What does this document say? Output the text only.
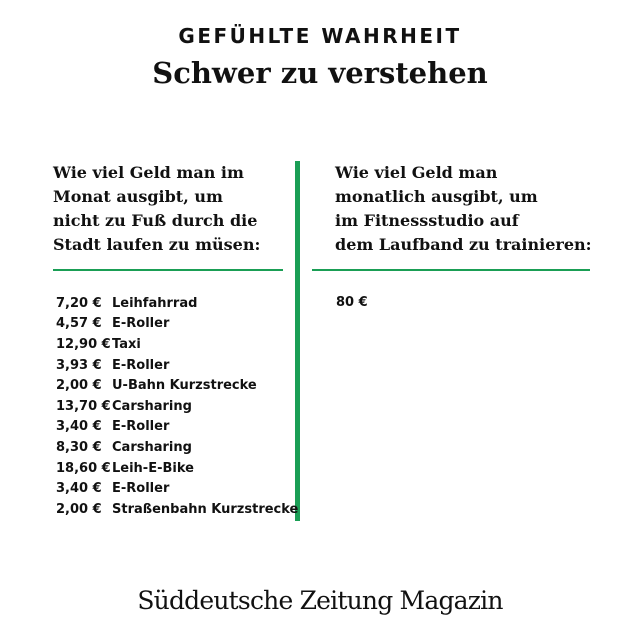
GEFÜHLTE WAHRHEIT
Schwer zu verstehen

Wie viel Geld man im
Monat ausgibt, um
nicht zu Fuß durch die
Stadt laufen zu müsen:

Wie viel Geld man
monatlich ausgibt, um
im Fitnessstudio auf
dem Laufband zu trainieren:

7,20 € Leihfahrrad
4,57 € E-Roller
12,90 € Taxi
3,93 € E-Roller
2,00 € U-Bahn Kurzstrecke
13,70 € Carsharing
3,40 € E-Roller
8,30 € Carsharing
18,60 € Leih-E-Bike
3,40 € E-Roller
2,00 € Straßenbahn Kurzstrecke
80 €
Süddeutsche Zeitung Magazin
